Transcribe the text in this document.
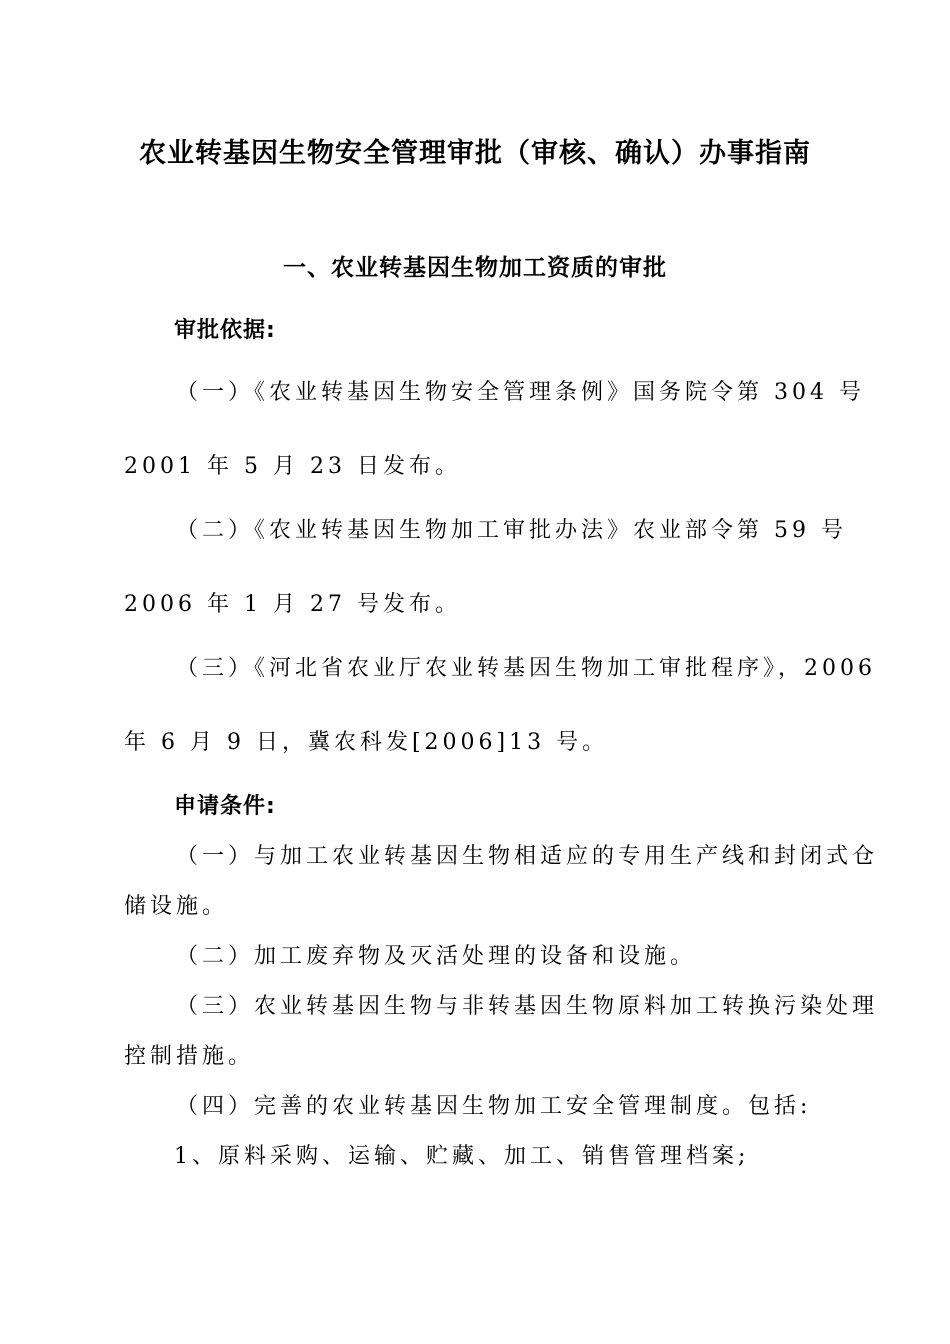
农业转基因生物安全管理审批（审核、确认）办事指南
一、农业转基因生物加工资质的审批
审批依据:
（一）《农业转基因生物安全管理条例》国务院令第 304 号
2001 年 5 月 23 日发布。
（二）《农业转基因生物加工审批办法》农业部令第 59 号
2006 年 1 月 27 号发布。
（三）《河北省农业厅农业转基因生物加工审批程序》，2006
年 6 月 9 日，冀农科发[2006]13 号。
申请条件:
（一）与加工农业转基因生物相适应的专用生产线和封闭式仓
储设施。
（二）加工废弃物及灭活处理的设备和设施。
（三）农业转基因生物与非转基因生物原料加工转换污染处理
控制措施。
（四）完善的农业转基因生物加工安全管理制度。包括:
1、原料采购、运输、贮藏、加工、销售管理档案;
